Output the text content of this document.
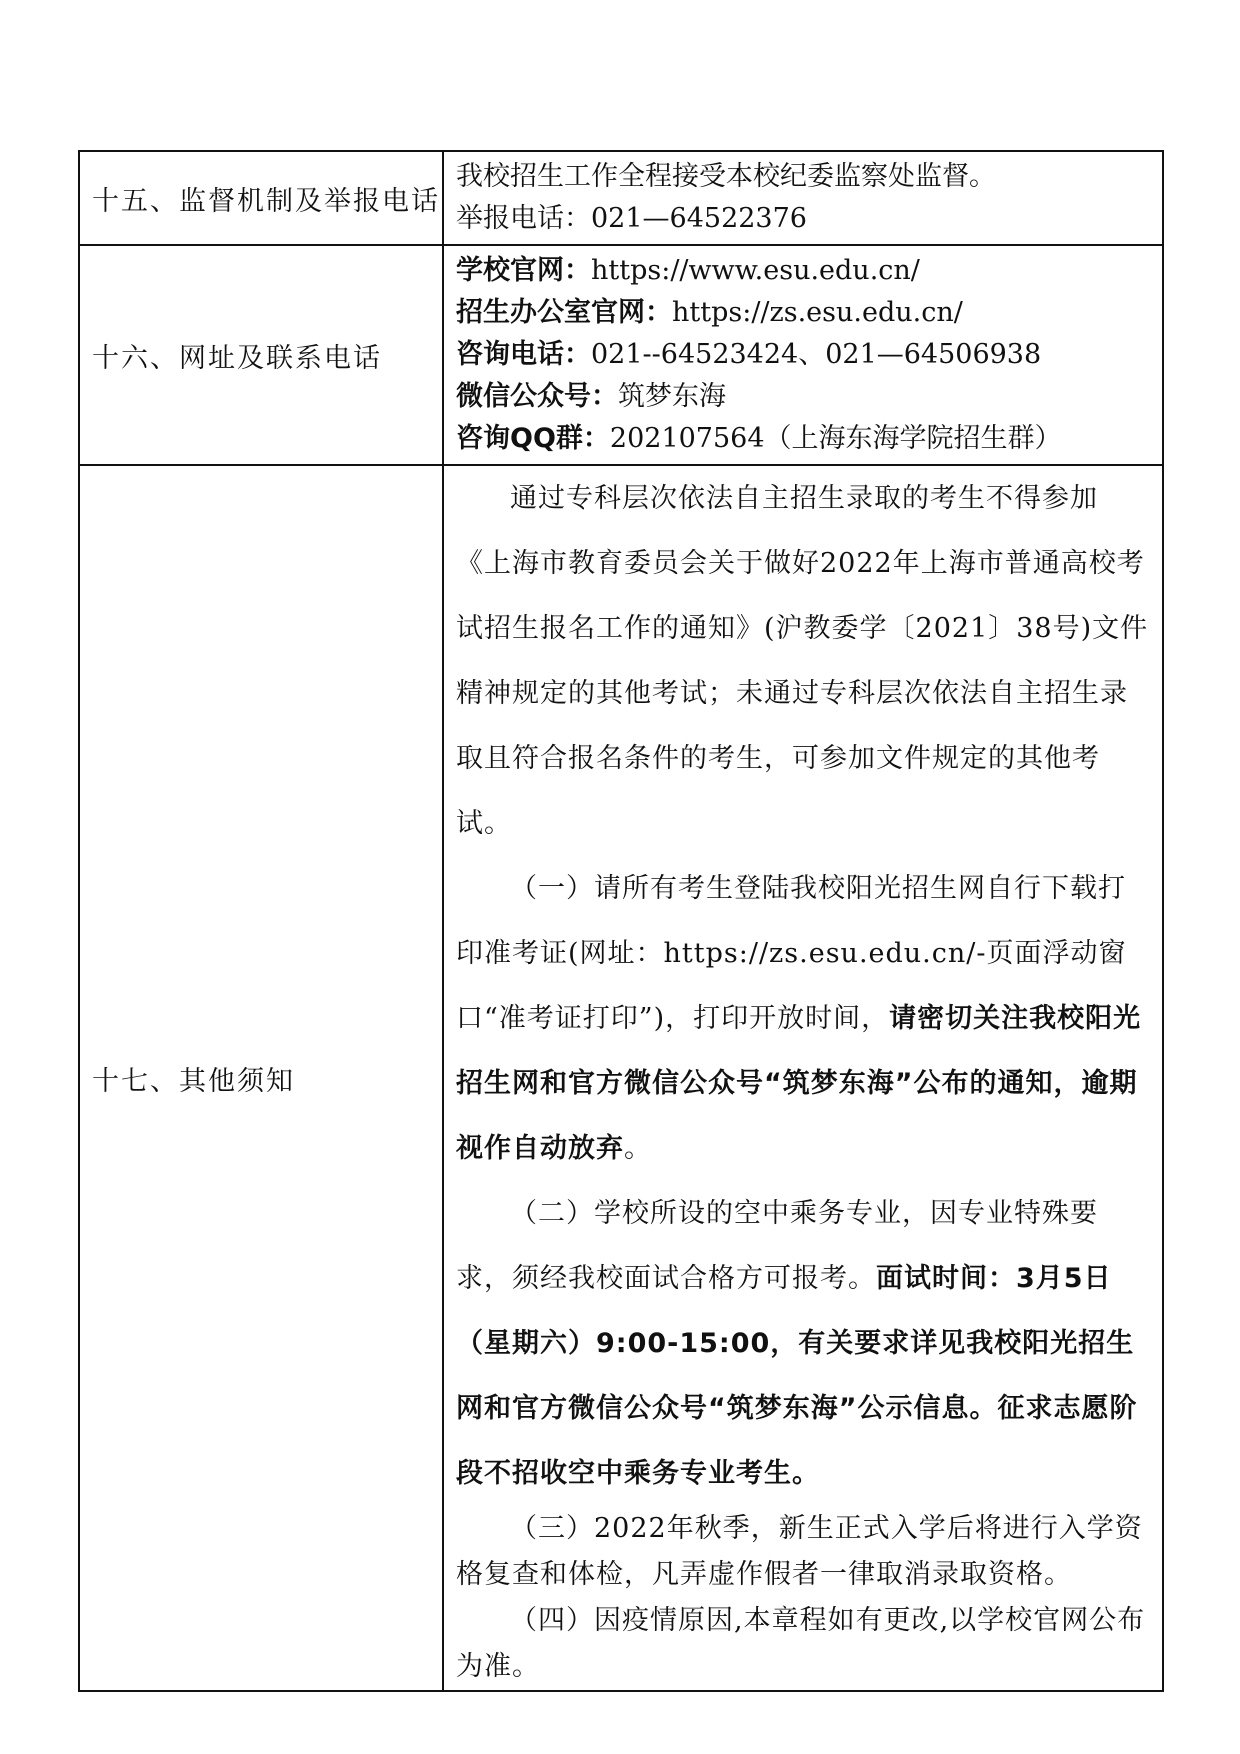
十五、监督机制及举报电话	我校招生工作全程接受本校纪委监察处监督。
举报电话：021—64522376

十六、网址及联系电话	学校官网：https://www.esu.edu.cn/
招生办公室官网：https://zs.esu.edu.cn/
咨询电话：021--64523424、021—64506938
微信公众号：筑梦东海
咨询QQ群：202107564（上海东海学院招生群）

十七、其他须知	通过专科层次依法自主招生录取的考生不得参加《上海市教育委员会关于做好2022年上海市普通高校考试招生报名工作的通知》(沪教委学〔2021〕38号)文件精神规定的其他考试；未通过专科层次依法自主招生录取且符合报名条件的考生，可参加文件规定的其他考试。

（一）请所有考生登陆我校阳光招生网自行下载打印准考证(网址：https://zs.esu.edu.cn/-页面浮动窗口“准考证打印”)，打印开放时间，请密切关注我校阳光招生网和官方微信公众号“筑梦东海”公布的通知，逾期视作自动放弃。

（二）学校所设的空中乘务专业，因专业特殊要求，须经我校面试合格方可报考。面试时间：3月5日（星期六）9:00-15:00，有关要求详见我校阳光招生网和官方微信公众号“筑梦东海”公示信息。征求志愿阶段不招收空中乘务专业考生。

（三）2022年秋季，新生正式入学后将进行入学资格复查和体检，凡弄虚作假者一律取消录取资格。

（四）因疫情原因,本章程如有更改,以学校官网公布为准。
